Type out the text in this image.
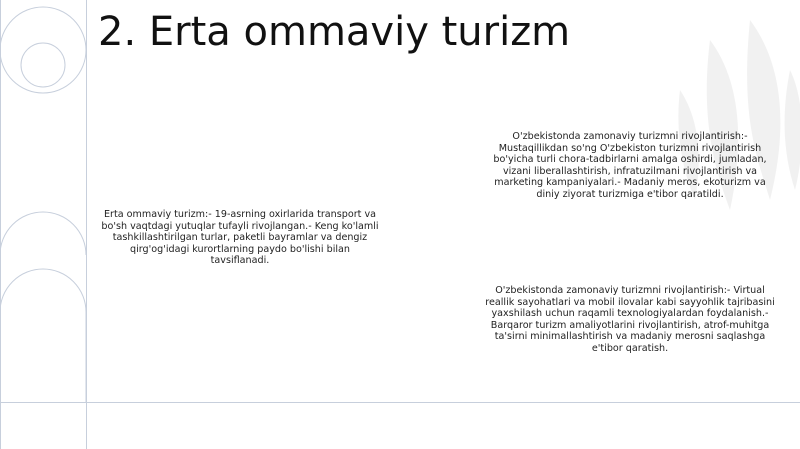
2. Erta ommaviy turizm

Erta ommaviy turizm:- 19-asrning oxirlarida transport va bo'sh vaqtdagi yutuqlar tufayli rivojlangan.- Keng ko'lamli tashkillashtirilgan turlar, paketli bayramlar va dengiz qirg'og'idagi kurortlarning paydo bo'lishi bilan tavsiflanadi.

O'zbekistonda zamonaviy turizmni rivojlantirish:- Mustaqillikdan so'ng O'zbekiston turizmni rivojlantirish bo'yicha turli chora-tadbirlarni amalga oshirdi, jumladan, vizani liberallashtirish, infratuzilmani rivojlantirish va marketing kampaniyalari.- Madaniy meros, ekoturizm va diniy ziyorat turizmiga e'tibor qaratildi.

O'zbekistonda zamonaviy turizmni rivojlantirish:- Virtual reallik sayohatlari va mobil ilovalar kabi sayyohlik tajribasini yaxshilash uchun raqamli texnologiyalardan foydalanish.- Barqaror turizm amaliyotlarini rivojlantirish, atrof-muhitga ta'sirni minimallashtirish va madaniy merosni saqlashga e'tibor qaratish.
